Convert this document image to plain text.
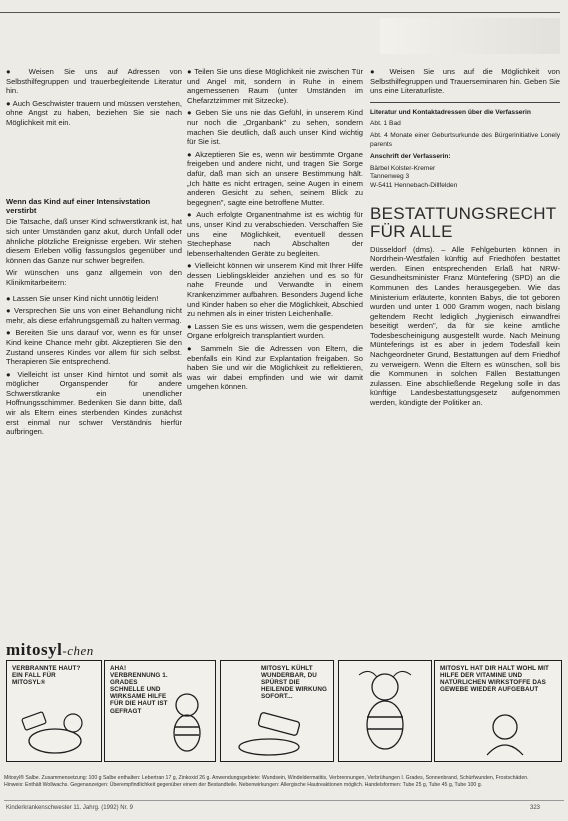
● Weisen Sie uns auf Adressen von Selbsthilfegruppen und trauerbegleitende Literatur hin.

● Auch Geschwister trauern und müssen verstehen, ohne Angst zu haben, beziehen Sie sie nach Möglichkeit mit ein.

Wenn das Kind auf einer Intensivstation verstirbt

Die Tatsache, daß unser Kind schwerstkrank ist, hat sich unter Umständen ganz akut, durch Unfall oder ähnliche plötzliche Ereignisse ergeben. Wir stehen diesem Erleben völlig fassungslos gegenüber und können das Ganze nur schwer begreifen.

Wir wünschen uns ganz allgemein von den Klinikmitarbeitern:

● Lassen Sie unser Kind nicht unnötig leiden!

● Versprechen Sie uns von einer Behandlung nicht mehr, als diese erfahrungsgemäß zu halten vermag.

● Bereiten Sie uns darauf vor, wenn es für unser Kind keine Chance mehr gibt. Akzeptieren Sie den Zustand unseres Kindes vor allem für sich selbst. Therapieren Sie entsprechend.

● Vielleicht ist unser Kind hirntot und somit als möglicher Organspender für andere Schwerstkranke ein unendlicher Hoffnungsschimmer. Bedenken Sie dann bitte, daß wir als Eltern eines sterbenden Kindes zunächst erst einmal nur schwer Verständnis hierfür aufbringen.

● Teilen Sie uns diese Möglichkeit nie zwischen Tür und Angel mit, sondern in Ruhe in einem angemessenen Raum (unter Umständen im Chefarztzimmer mit Sitzecke).

● Geben Sie uns nie das Gefühl, in unserem Kind nur noch die „Organbank" zu sehen, sondern machen Sie deutlich, daß auch unser Kind wichtig für Sie ist.

● Akzeptieren Sie es, wenn wir bestimmte Organe freigeben und andere nicht, und tragen Sie Sorge dafür, daß man sich an unsere Bestimmung hält. „Ich hätte es nicht ertragen, seine Augen in einem anderen Gesicht zu sehen, seinem Blick zu begegnen", sagte eine betroffene Mutter.

● Auch erfolgte Organentnahme ist es wichtig für uns, unser Kind zu verabschieden. Verschaffen Sie uns eine Möglichkeit, eventuell dessen Stechephase nach Abschalten der lebenserhaltenden Geräte zu begleiten.

● Vielleicht können wir unserem Kind mit Ihrer Hilfe dessen Lieblingskleider anziehen und es so für nahe Freunde und Verwandte in einem Krankenzimmer aufbahren. Besonders Jugend liche und Kinder haben so eher die Möglichkeit, Abschied zu nehmen als in einer tristen Leichenhalle.

● Lassen Sie es uns wissen, wem die gespendeten Organe erfolgreich transplantiert wurden.

● Sammeln Sie die Adressen von Eltern, die ebenfalls ein Kind zur Explantation freigaben. So haben Sie und wir die Möglichkeit zu reflektieren, was wir dabei empfinden und wie wir damit umgehen können.

● Weisen Sie uns auf die Möglichkeit von Selbsthilfegruppen und Trauerseminaren hin. Geben Sie uns eine Literaturliste.

Literatur und Kontaktadressen über die Verfasserin

Abt. 1 Bad

Abt. 4 Monate einer Geburtsurkunde des Bürgerinitiative Lonely parents

Anschrift der Verfasserin:

Bärbel Kolster-Kremer

Tannenweg 3

W-5411 Hennebach-Dillfelden

BESTATTUNGSRECHT
FÜR ALLE

Düsseldorf (dms). – Alle Fehlgeburten können in Nordrhein-Westfalen künftig auf Friedhöfen bestattet werden. Einen entsprechenden Erlaß hat NRW-Gesundheitsminister Franz Müntefering (SPD) an die Kommunen des Landes herausgegeben. Wie das Ministerium erläuterte, konnten Babys, die tot geboren wurden und unter 1 000 Gramm wogen, nach bislang geltendem Recht lediglich „hygienisch einwandfrei beseitigt werden", da für sie keine amtliche Todesbescheinigung ausgestellt wurde. Nach Meinung Münteferings ist es aber in jedem Todesfall kein Nachgeordneter Grund, Bestattungen auf dem Friedhof zu verweigern. Wenn die Eltern es wünschen, soll bis die Kommunen in solchen Fällen Bestattungen zulassen. Eine abschließende Regelung solle in das künftige Landesbestattungsgesetz aufgenommen werden, kündigte der Politiker an.

mitosyl-chen
VERBRANNTE HAUT? EIN FALL FÜR MITOSYL®
AHA! VERBRENNUNG 1. GRADES SCHNELLE UND WIRKSAME HILFE FÜR DIE HAUT IST GEFRAGT
MITOSYL KÜHLT WUNDERBAR, DU SPÜRST DIE HEILENDE WIRKUNG SOFORT...
MITOSYL HAT DIR HALT WOHL MIT HILFE DER VITAMINE UND NATÜRLICHEN WIRKSTOFFE DAS GEWEBE WIEDER AUFGEBAUT

Mitosyl® Salbe. Zusammensetzung: 100 g Salbe enthalten: Lebertran 17 g, Zinkoxid 26 g. Anwendungsgebiete: Wundsein, Windeldermatitis, Verbrennungen, Verbrühungen I. Grades, Sonnenbrand, Schürfwunden, Frostschäden.

Hinweis: Enthält Wollwachs. Gegenanzeigen: Überempfindlichkeit gegenüber einem der Bestandteile. Nebenwirkungen: Allergische Hautreaktionen möglich. Handelsformen: Tube 25 g, Tube 45 g, Tube 100 g.

Kinderkrankenschwester 11. Jahrg. (1992) Nr. 9	323
